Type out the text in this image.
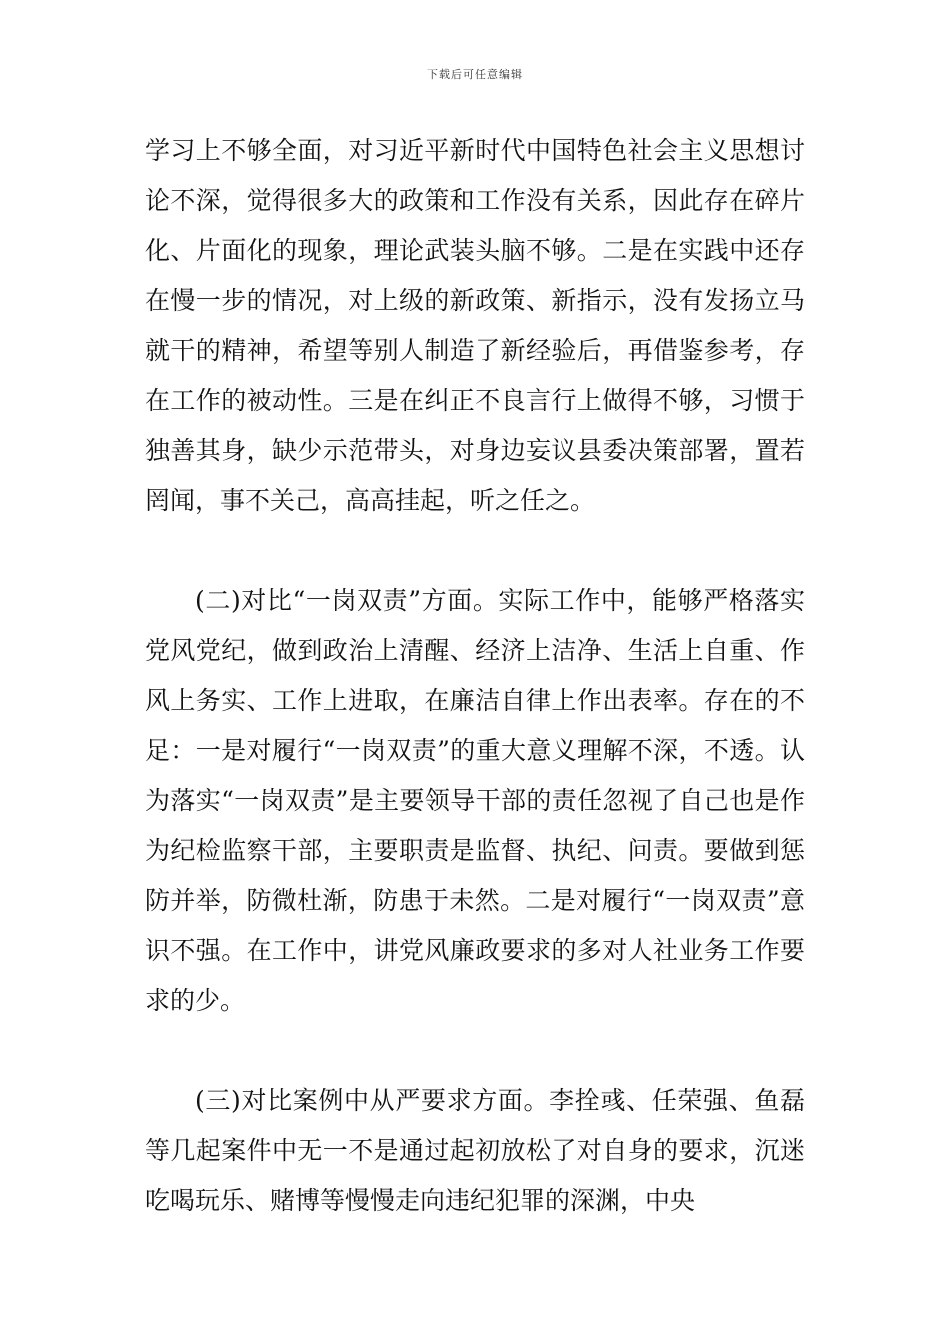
下载后可任意编辑

学习上不够全面，对习近平新时代中国特色社会主义思想讨论不深，觉得很多大的政策和工作没有关系，因此存在碎片化、片面化的现象，理论武装头脑不够。二是在实践中还存在慢一步的情况，对上级的新政策、新指示，没有发扬立马就干的精神，希望等别人制造了新经验后，再借鉴参考，存在工作的被动性。三是在纠正不良言行上做得不够，习惯于独善其身，缺少示范带头，对身边妄议县委决策部署，置若罔闻，事不关己，高高挂起，听之任之。

(二)对比“一岗双责”方面。实际工作中，能够严格落实党风党纪，做到政治上清醒、经济上洁净、生活上自重、作风上务实、工作上进取，在廉洁自律上作出表率。存在的不足：一是对履行“一岗双责”的重大意义理解不深，不透。认为落实“一岗双责”是主要领导干部的责任忽视了自己也是作为纪检监察干部，主要职责是监督、执纪、问责。要做到惩防并举，防微杜渐，防患于未然。二是对履行“一岗双责”意识不强。在工作中，讲党风廉政要求的多对人社业务工作要求的少。

(三)对比案例中从严要求方面。李拴彧、任荣强、鱼磊等几起案件中无一不是通过起初放松了对自身的要求，沉迷吃喝玩乐、赌博等慢慢走向违纪犯罪的深渊，中央
